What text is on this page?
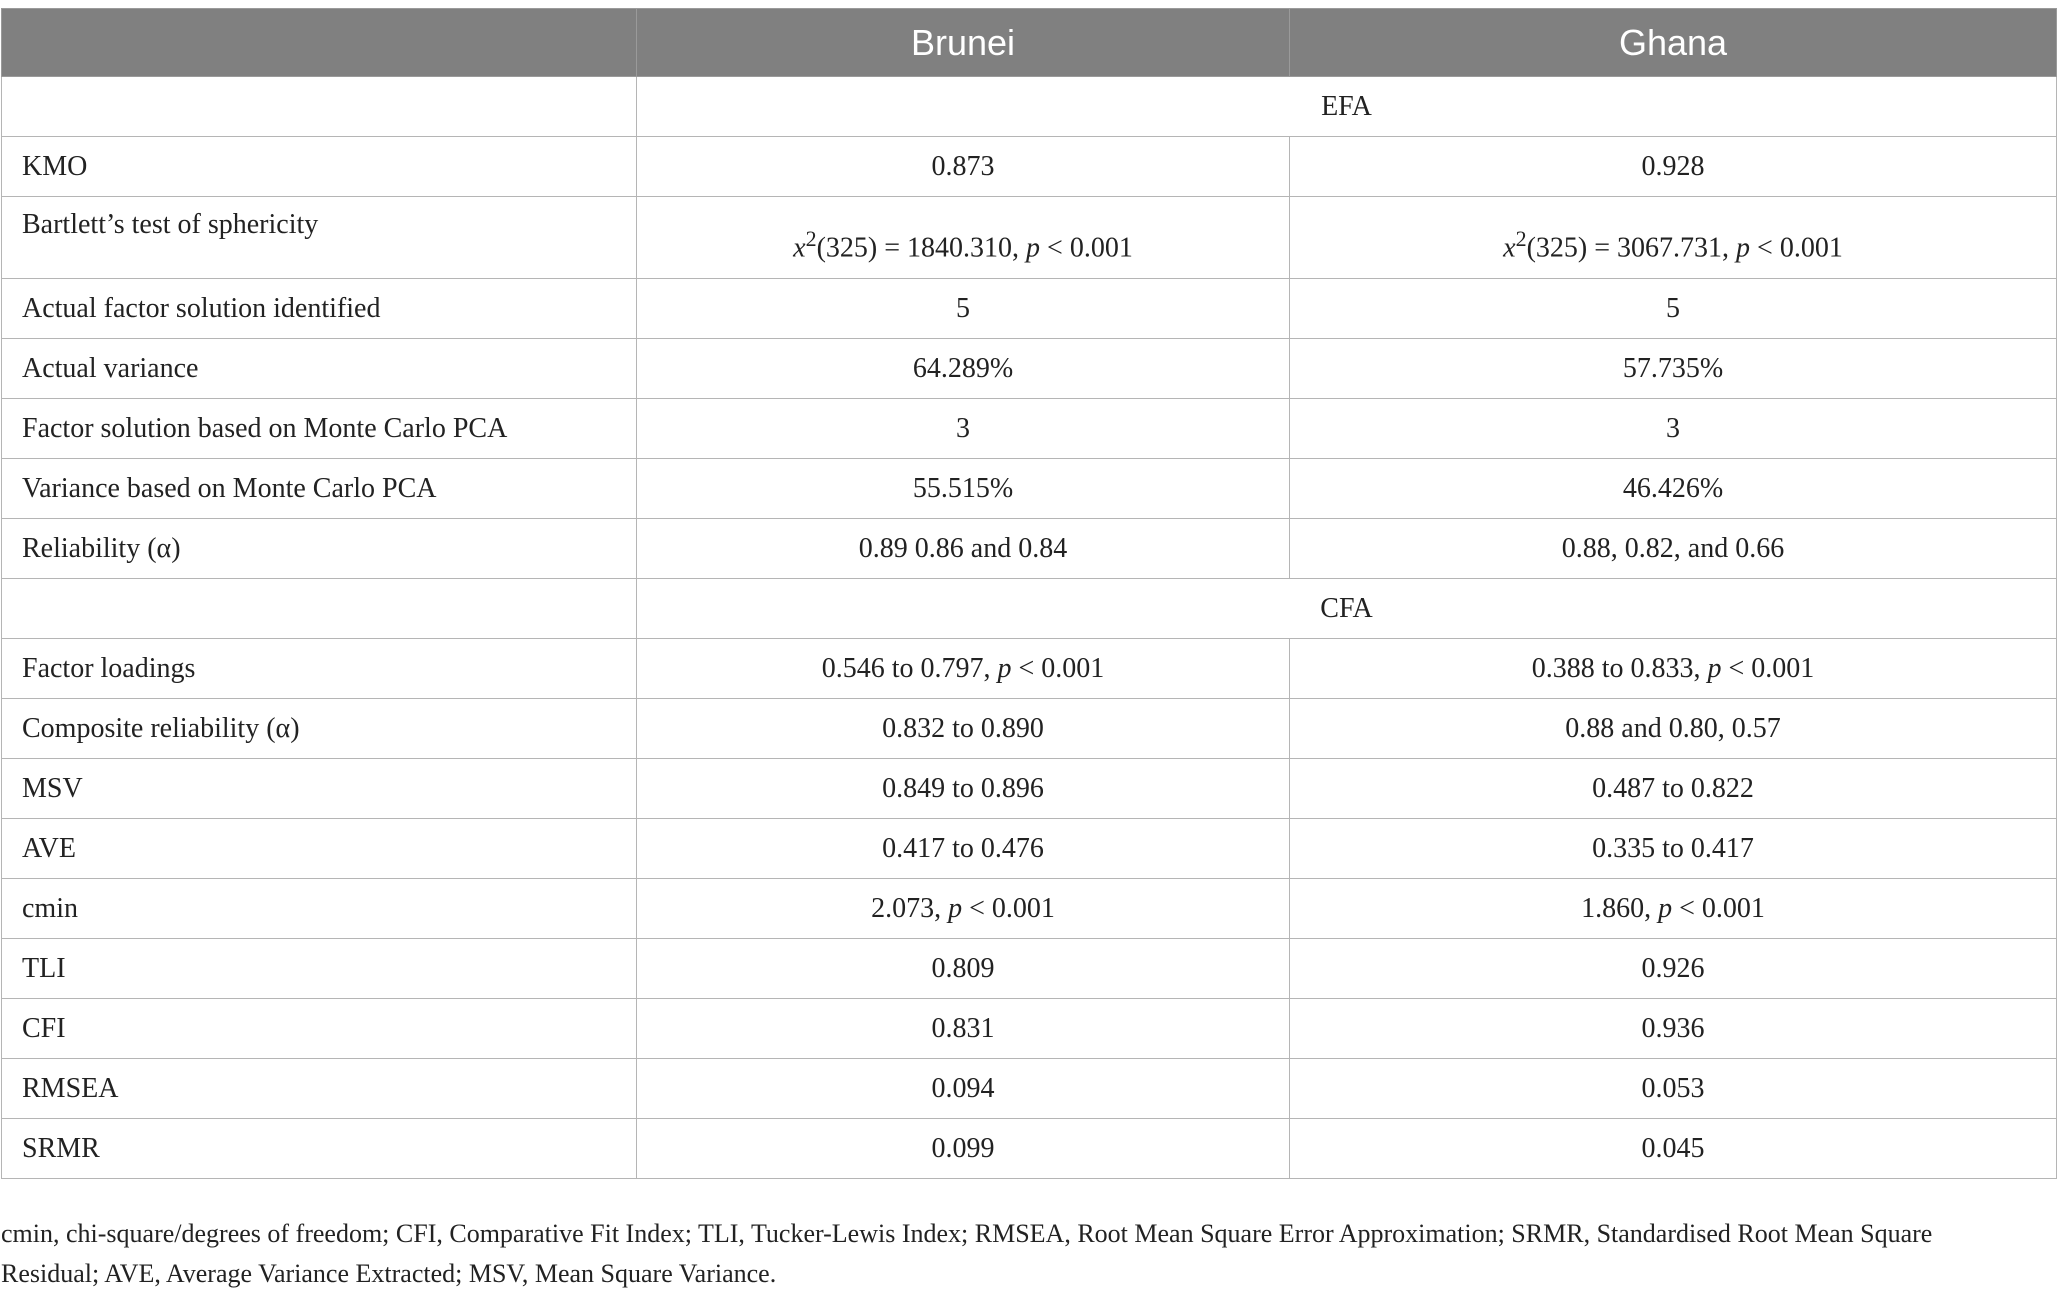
	Brunei	Ghana
	EFA	
KMO	0.873	0.928
Bartlett’s test of sphericity	$x^2(325) = 1840.310$, p < 0.001	$x^2(325) = 3067.731$, p < 0.001
Actual factor solution identified	5	5
Actual variance	64.289%	57.735%
Factor solution based on Monte Carlo PCA	3	3
Variance based on Monte Carlo PCA	55.515%	46.426%
Reliability (α)	0.89 0.86 and 0.84	0.88, 0.82, and 0.66
	CFA	
Factor loadings	0.546 to 0.797, p < 0.001	0.388 to 0.833, p < 0.001
Composite reliability (α)	0.832 to 0.890	0.88 and 0.80, 0.57
MSV	0.849 to 0.896	0.487 to 0.822
AVE	0.417 to 0.476	0.335 to 0.417
cmin	2.073, p < 0.001	1.860, p < 0.001
TLI	0.809	0.926
CFI	0.831	0.936
RMSEA	0.094	0.053
SRMR	0.099	0.045
cmin, chi-square/degrees of freedom; CFI, Comparative Fit Index; TLI, Tucker-Lewis Index; RMSEA, Root Mean Square Error Approximation; SRMR, Standardised Root Mean Square Residual; AVE, Average Variance Extracted; MSV, Mean Square Variance.
